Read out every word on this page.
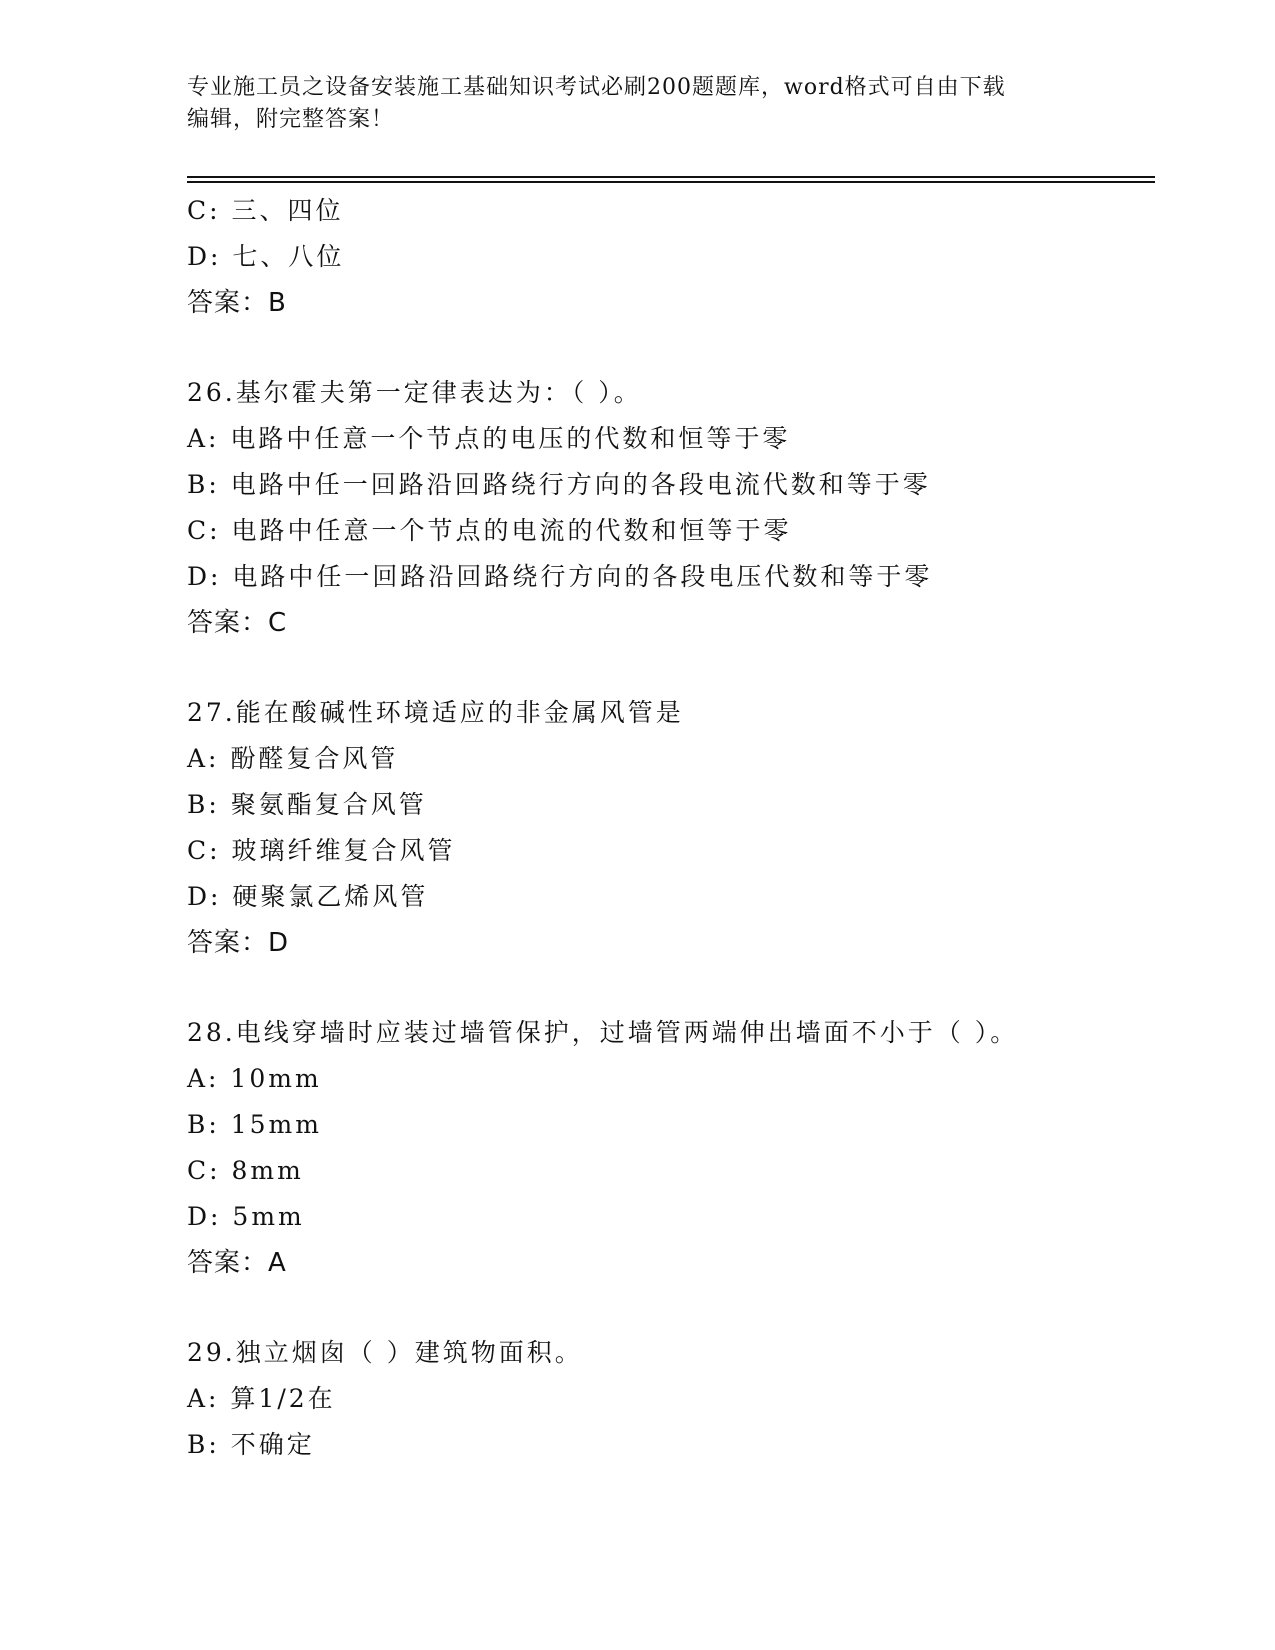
专业施工员之设备安装施工基础知识考试必刷200题题库，word格式可自由下载
编辑，附完整答案！
C: 三、四位
D: 七、八位
答案：B
26.基尔霍夫第一定律表达为：（ ）。
A: 电路中任意一个节点的电压的代数和恒等于零
B: 电路中任一回路沿回路绕行方向的各段电流代数和等于零
C: 电路中任意一个节点的电流的代数和恒等于零
D: 电路中任一回路沿回路绕行方向的各段电压代数和等于零
答案：C
27.能在酸碱性环境适应的非金属风管是
A: 酚醛复合风管
B: 聚氨酯复合风管
C: 玻璃纤维复合风管
D: 硬聚氯乙烯风管
答案：D
28.电线穿墙时应装过墙管保护，过墙管两端伸出墙面不小于（ ）。
A: 10mm
B: 15mm
C: 8mm
D: 5mm
答案：A
29.独立烟囱（ ）建筑物面积。
A: 算1/2在
B: 不确定
